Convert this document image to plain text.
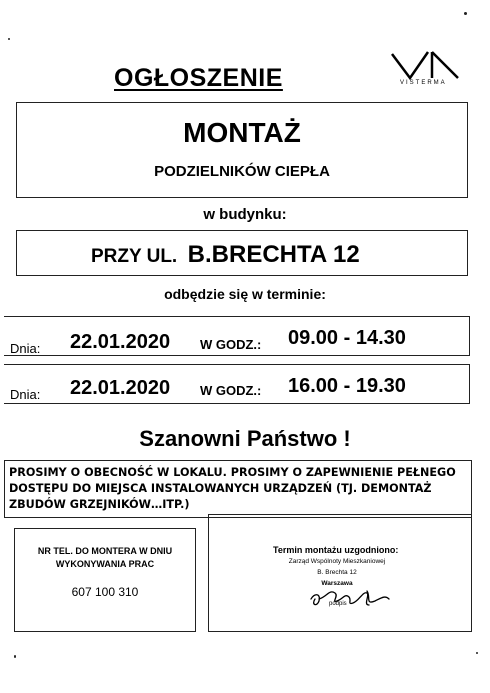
OGŁOSZENIE	VISTERMA
MONTAŻ
PODZIELNIKÓW CIEPŁA
w budynku:
PRZY UL. B.BRECHTA 12
odbędzie się w terminie:
Dnia: 22.01.2020 W GODZ.: 09.00 - 14.30
Dnia: 22.01.2020 W GODZ.: 16.00 - 19.30
Szanowni Państwo !
PROSIMY O OBECNOŚĆ W LOKALU. PROSIMY O ZAPEWNIENIE PEŁNEGO
DOSTĘPU DO MIEJSCA INSTALOWANYCH URZĄDZEŃ (TJ. DEMONTAŻ
ZBUDÓW GRZEJNIKÓW…ITP.)
NR TEL. DO MONTERA W DNIU
WYKONYWANIA PRAC
607 100 310
Termin montażu uzgodniono:
Zarząd Wspólnoty Mieszkaniowej
B. Brechta 12
Warszawa
podpis
